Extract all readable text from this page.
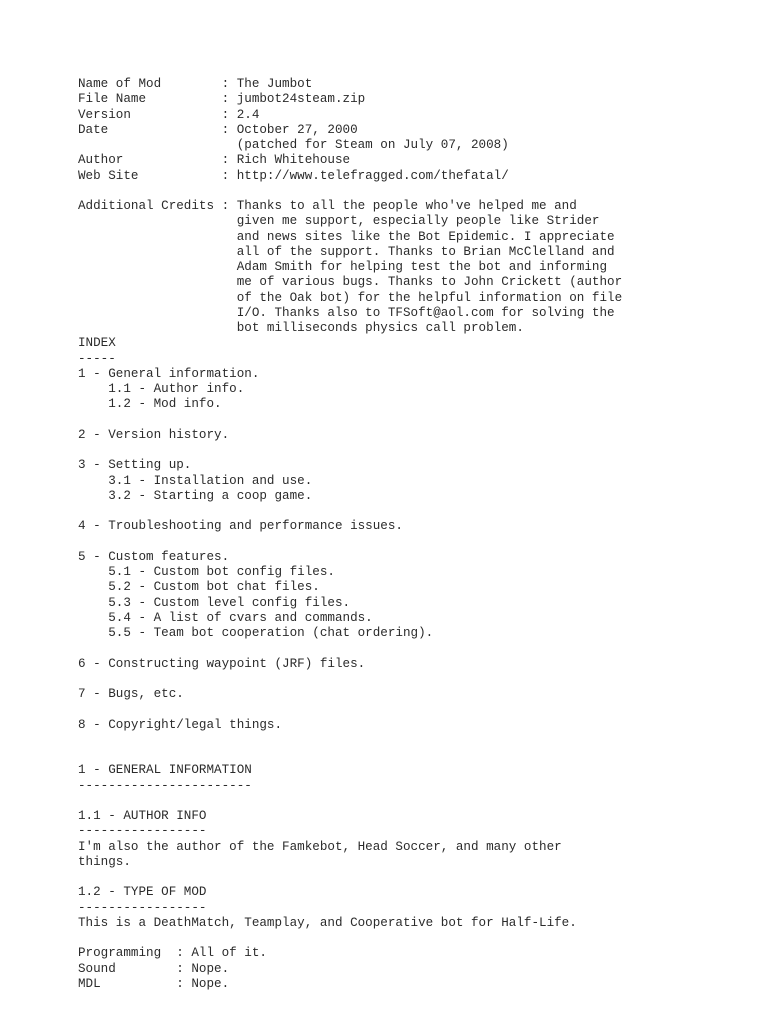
Name of Mod        : The Jumbot
File Name          : jumbot24steam.zip
Version            : 2.4
Date               : October 27, 2000
(patched for Steam on July 07, 2008)
Author             : Rich Whitehouse
Web Site           : http://www.telefragged.com/thefatal/

Additional Credits : Thanks to all the people who've helped me and
given me support, especially people like Strider
and news sites like the Bot Epidemic. I appreciate
all of the support. Thanks to Brian McClelland and
Adam Smith for helping test the bot and informing
me of various bugs. Thanks to John Crickett (author
of the Oak bot) for the helpful information on file
I/O. Thanks also to TFSoft@aol.com for solving the
bot milliseconds physics call problem.
INDEX
-----
1 - General information.
1.1 - Author info.
1.2 - Mod info.

2 - Version history.

3 - Setting up.
3.1 - Installation and use.
3.2 - Starting a coop game.

4 - Troubleshooting and performance issues.

5 - Custom features.
5.1 - Custom bot config files.
5.2 - Custom bot chat files.
5.3 - Custom level config files.
5.4 - A list of cvars and commands.
5.5 - Team bot cooperation (chat ordering).

6 - Constructing waypoint (JRF) files.

7 - Bugs, etc.

8 - Copyright/legal things.

1 - GENERAL INFORMATION
-----------------------

1.1 - AUTHOR INFO
-----------------
I'm also the author of the Famkebot, Head Soccer, and many other
things.

1.2 - TYPE OF MOD
-----------------
This is a DeathMatch, Teamplay, and Cooperative bot for Half-Life.

Programming  : All of it.
Sound        : Nope.
MDL          : Nope.
